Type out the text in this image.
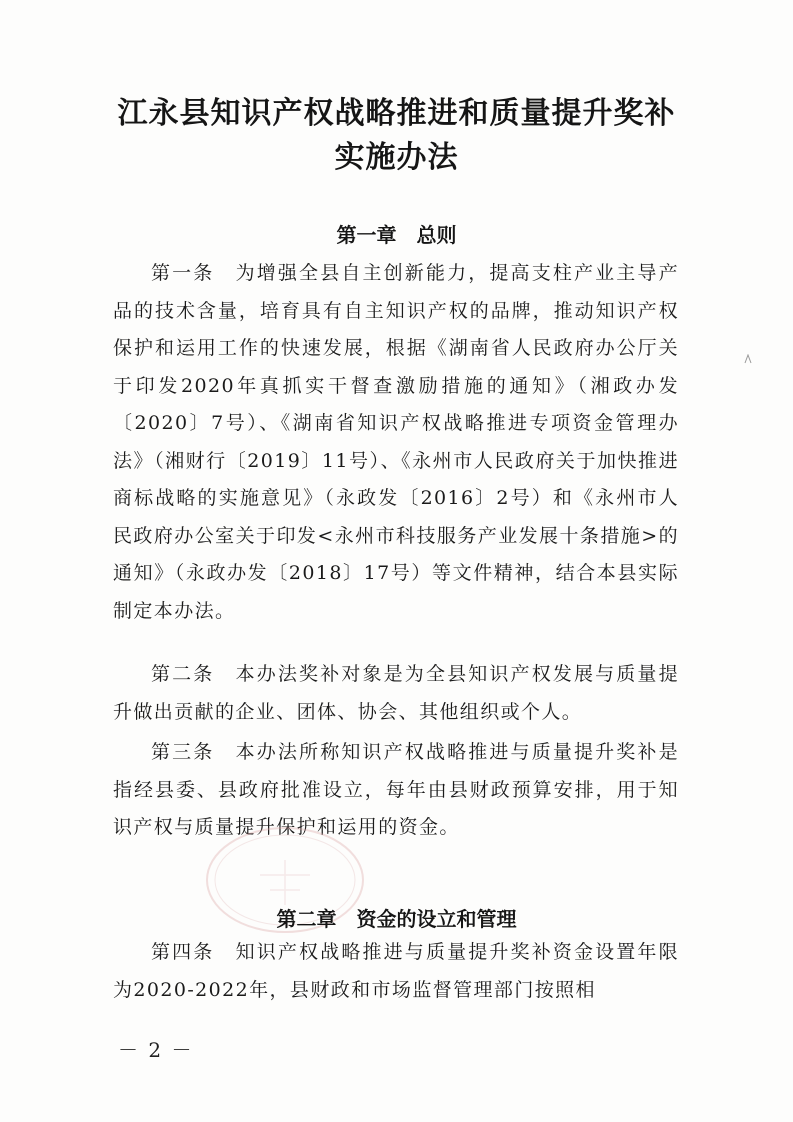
江永县知识产权战略推进和质量提升奖补
实施办法
第一章　总则

第一条　为增强全县自主创新能力，提高支柱产业主导产品的技术含量，培育具有自主知识产权的品牌，推动知识产权保护和运用工作的快速发展，根据《湖南省人民政府办公厅关于印发2020年真抓实干督查激励措施的通知》（湘政办发〔2020〕7号）、《湖南省知识产权战略推进专项资金管理办法》（湘财行〔2019〕11号）、《永州市人民政府关于加快推进商标战略的实施意见》（永政发〔2016〕2号）和《永州市人民政府办公室关于印发<永州市科技服务产业发展十条措施>的通知》（永政办发〔2018〕17号）等文件精神，结合本县实际制定本办法。

第二条　本办法奖补对象是为全县知识产权发展与质量提升做出贡献的企业、团体、协会、其他组织或个人。

第三条　本办法所称知识产权战略推进与质量提升奖补是指经县委、县政府批准设立，每年由县财政预算安排，用于知识产权与质量提升保护和运用的资金。

第二章　资金的设立和管理

第四条　知识产权战略推进与质量提升奖补资金设置年限为2020-2022年，县财政和市场监督管理部门按照相

－ 2 －
